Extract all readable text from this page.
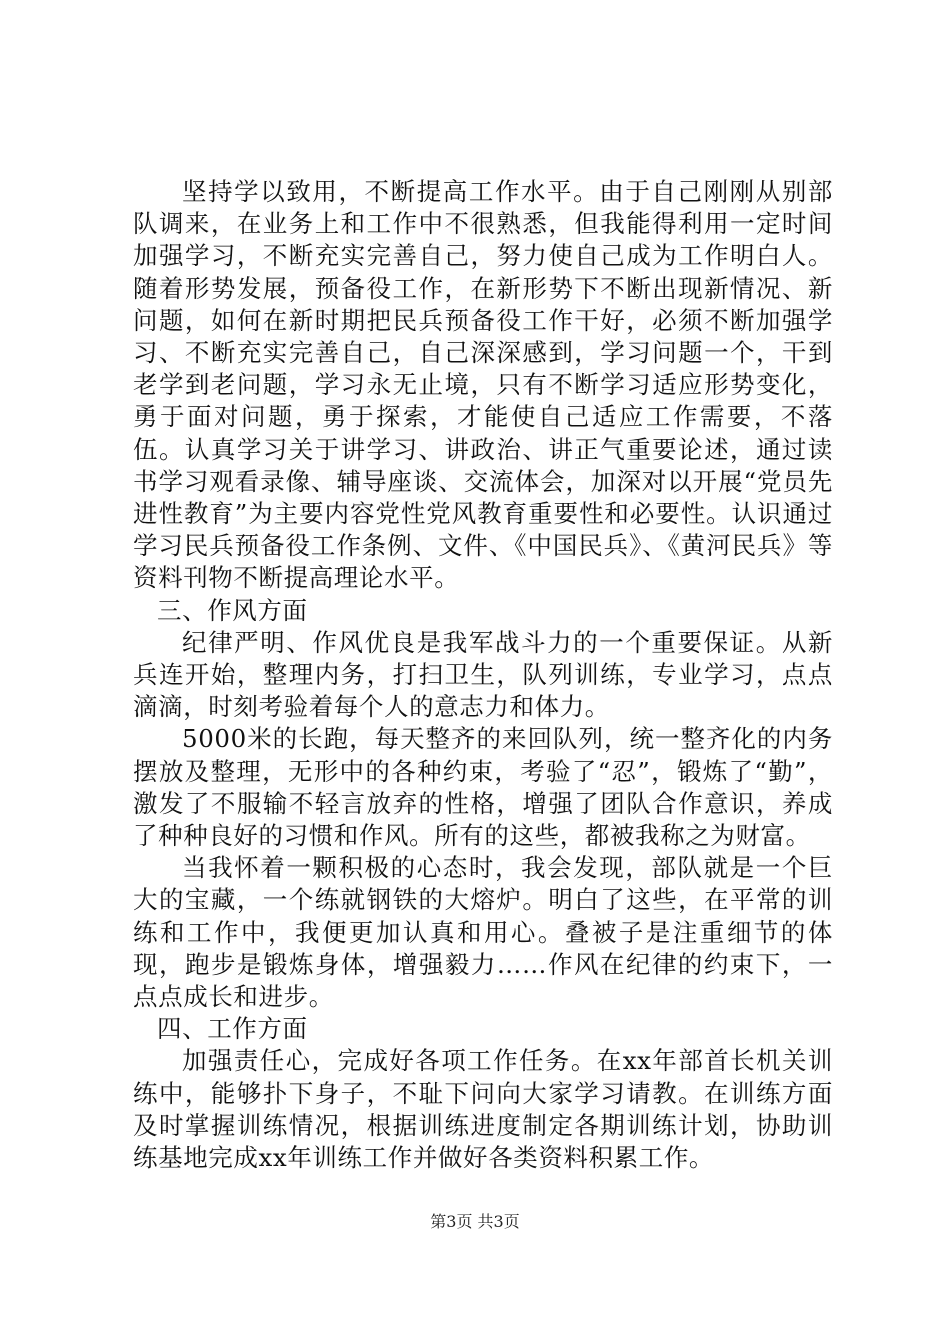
坚持学以致用，不断提高工作水平。由于自己刚刚从别部队调来，在业务上和工作中不很熟悉，但我能得利用一定时间加强学习，不断充实完善自己，努力使自己成为工作明白人。随着形势发展，预备役工作，在新形势下不断出现新情况、新问题，如何在新时期把民兵预备役工作干好，必须不断加强学习、不断充实完善自己，自己深深感到，学习问题一个，干到老学到老问题，学习永无止境，只有不断学习适应形势变化，勇于面对问题，勇于探索，才能使自己适应工作需要，不落伍。认真学习关于讲学习、讲政治、讲正气重要论述，通过读书学习观看录像、辅导座谈、交流体会，加深对以开展“党员先进性教育”为主要内容党性党风教育重要性和必要性。认识通过学习民兵预备役工作条例、文件、《中国民兵》、《黄河民兵》等资料刊物不断提高理论水平。

三、作风方面

纪律严明、作风优良是我军战斗力的一个重要保证。从新兵连开始，整理内务，打扫卫生，队列训练，专业学习，点点滴滴，时刻考验着每个人的意志力和体力。

5000米的长跑，每天整齐的来回队列，统一整齐化的内务摆放及整理，无形中的各种约束，考验了“忍”，锻炼了“勤”，激发了不服输不轻言放弃的性格，增强了团队合作意识，养成了种种良好的习惯和作风。所有的这些，都被我称之为财富。

当我怀着一颗积极的心态时，我会发现，部队就是一个巨大的宝藏，一个练就钢铁的大熔炉。明白了这些，在平常的训练和工作中，我便更加认真和用心。叠被子是注重细节的体现，跑步是锻炼身体，增强毅力……作风在纪律的约束下，一点点成长和进步。

四、工作方面

加强责任心，完成好各项工作任务。在xx年部首长机关训练中，能够扑下身子，不耻下问向大家学习请教。在训练方面及时掌握训练情况，根据训练进度制定各期训练计划，协助训练基地完成xx年训练工作并做好各类资料积累工作。

第3页 共3页
